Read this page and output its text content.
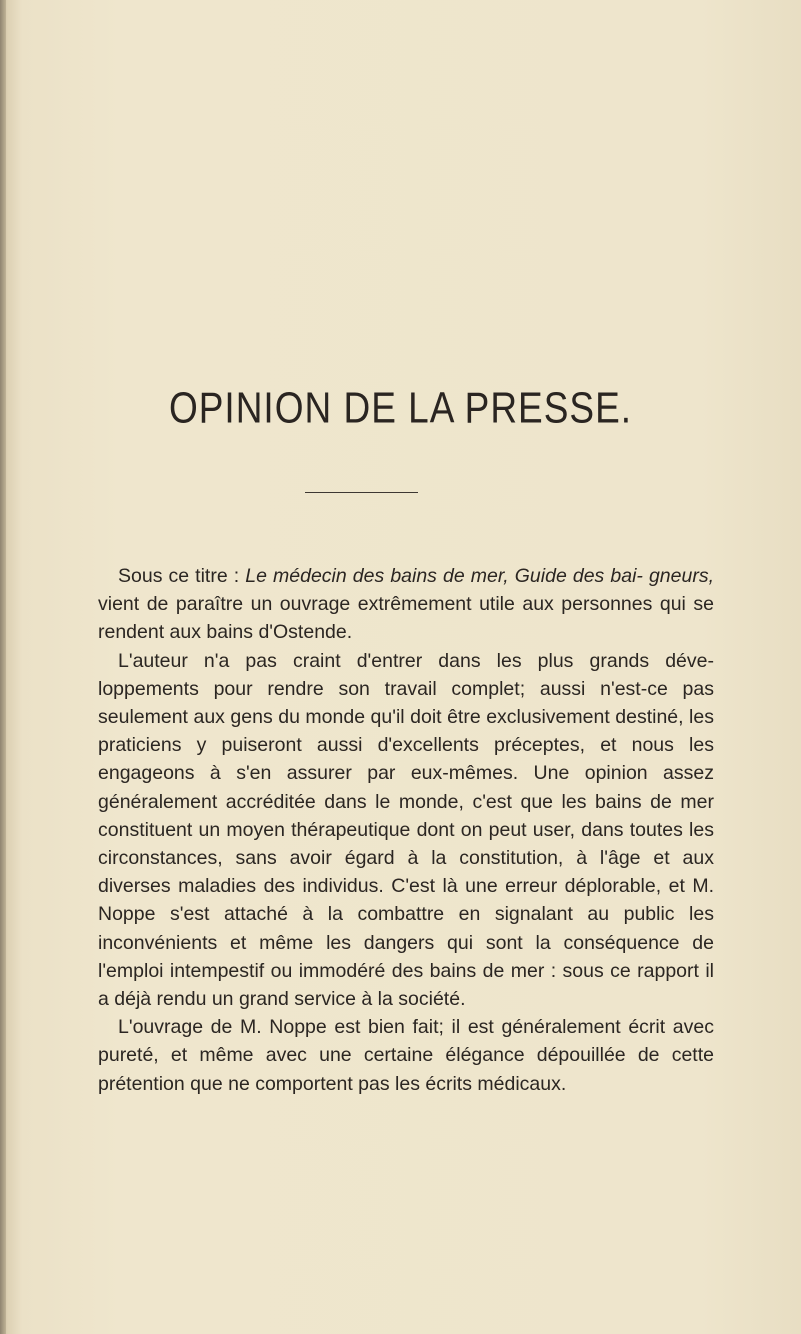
OPINION DE LA PRESSE.

Sous ce titre : Le médecin des bains de mer, Guide des bai- gneurs, vient de paraître un ouvrage extrêmement utile aux personnes qui se rendent aux bains d'Ostende.

L'auteur n'a pas craint d'entrer dans les plus grands déve- loppements pour rendre son travail complet; aussi n'est-ce pas seulement aux gens du monde qu'il doit être exclusivement destiné, les praticiens y puiseront aussi d'excellents préceptes, et nous les engageons à s'en assurer par eux-mêmes. Une opinion assez généralement accréditée dans le monde, c'est que les bains de mer constituent un moyen thérapeutique dont on peut user, dans toutes les circonstances, sans avoir égard à la constitution, à l'âge et aux diverses maladies des individus. C'est là une erreur déplorable, et M. Noppe s'est attaché à la combattre en signalant au public les inconvénients et même les dangers qui sont la conséquence de l'emploi intempestif ou immodéré des bains de mer : sous ce rapport il a déjà rendu un grand service à la société.

L'ouvrage de M. Noppe est bien fait; il est généralement écrit avec pureté, et même avec une certaine élégance dépouillée de cette prétention que ne comportent pas les écrits médicaux.
